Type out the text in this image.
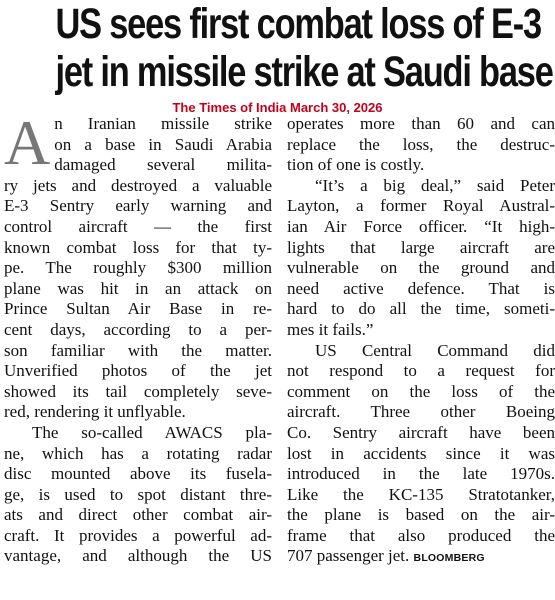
US sees first combat loss of E-3
jet in missile strike at Saudi base
The Times of India March 30, 2026
A n Iranian missile strike
on a base in Saudi Arabia
damaged several milita-
ry jets and destroyed a valuable
E-3 Sentry early warning and
control aircraft — the first
known combat loss for that ty-
pe. The roughly $300 million
plane was hit in an attack on
Prince Sultan Air Base in re-
cent days, according to a per-
son familiar with the matter.
Unverified photos of the jet
showed its tail completely seve-
red, rendering it unflyable.
The so-called AWACS pla-
ne, which has a rotating radar
disc mounted above its fusela-
ge, is used to spot distant thre-
ats and direct other combat air-
craft. It provides a powerful ad-
vantage, and although the US
operates more than 60 and can
replace the loss, the destruc-
tion of one is costly.
“It’s a big deal,” said Peter
Layton, a former Royal Austral-
ian Air Force officer. “It high-
lights that large aircraft are
vulnerable on the ground and
need active defence. That is
hard to do all the time, someti-
mes it fails.”
US Central Command did
not respond to a request for
comment on the loss of the
aircraft. Three other Boeing
Co. Sentry aircraft have been
lost in accidents since it was
introduced in the late 1970s.
Like the KC-135 Stratotanker,
the plane is based on the air-
frame that also produced the
707 passenger jet. BLOOMBERG
